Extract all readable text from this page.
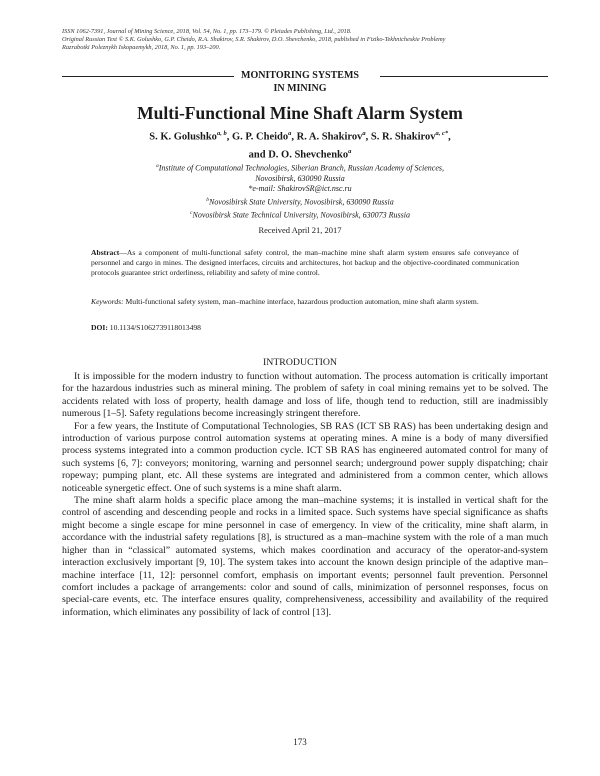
ISSN 1062-7391, Journal of Mining Science, 2018, Vol. 54, No. 1, pp. 173–179. © Pleiades Publishing, Ltd., 2018.
Original Russian Text © S.K. Golushko, G.P. Cheido, R.A. Shakirov, S.R. Shakirov, D.O. Shevchenko, 2018, published in Fiziko-Tekhnicheskie Problemy
Razrabotki Poleznykh Iskopaemykh, 2018, No. 1, pp. 193–200.
MONITORING SYSTEMS
IN MINING
Multi-Functional Mine Shaft Alarm System
S. K. Golushko$^{a, b}$, G. P. Cheido$^a$, R. A. Shakirov$^a$, S. R. Shakirov$^{a, c*}$,
and D. O. Shevchenko$^a$
$^a$Institute of Computational Technologies, Siberian Branch, Russian Academy of Sciences,
Novosibirsk, 630090 Russia
*e-mail: ShakirovSR@ict.nsc.ru
$^b$Novosibirsk State University, Novosibirsk, 630090 Russia
$^c$Novosibirsk State Technical University, Novosibirsk, 630073 Russia
Received April 21, 2017
Abstract—As a component of multi-functional safety control, the man–machine mine shaft alarm system ensures safe conveyance of personnel and cargo in mines. The designed interfaces, circuits and architectures, hot backup and the objective-coordinated communication protocols guarantee strict orderliness, reliability and safety of mine control.
Keywords: Multi-functional safety system, man–machine interface, hazardous production automation, mine shaft alarm system.
DOI: 10.1134/S1062739118013498
INTRODUCTION

It is impossible for the modern industry to function without automation. The process automation is critically important for the hazardous industries such as mineral mining. The problem of safety in coal mining remains yet to be solved. The accidents related with loss of property, health damage and loss of life, though tend to reduction, still are inadmissibly numerous [1–5]. Safety regulations become increasingly stringent therefore.

For a few years, the Institute of Computational Technologies, SB RAS (ICT SB RAS) has been undertaking design and introduction of various purpose control automation systems at operating mines. A mine is a body of many diversified process systems integrated into a common production cycle. ICT SB RAS has engineered automated control for many of such systems [6, 7]: conveyors; monitoring, warning and personnel search; underground power supply dispatching; chair ropeway; pumping plant, etc. All these systems are integrated and administered from a common center, which allows noticeable synergetic effect. One of such systems is a mine shaft alarm.

The mine shaft alarm holds a specific place among the man–machine systems; it is installed in vertical shaft for the control of ascending and descending people and rocks in a limited space. Such systems have special significance as shafts might become a single escape for mine personnel in case of emergency. In view of the criticality, mine shaft alarm, in accordance with the industrial safety regulations [8], is structured as a man–machine system with the role of a man much higher than in “classical” automated systems, which makes coordination and accuracy of the operator-and-system interaction exclusively important [9, 10]. The system takes into account the known design principle of the adaptive man–machine interface [11, 12]: personnel comfort, emphasis on important events; personnel fault prevention. Personnel comfort includes a package of arrangements: color and sound of calls, minimization of personnel responses, focus on special-care events, etc. The interface ensures quality, comprehensiveness, accessibility and availability of the required information, which eliminates any possibility of lack of control [13].

173
